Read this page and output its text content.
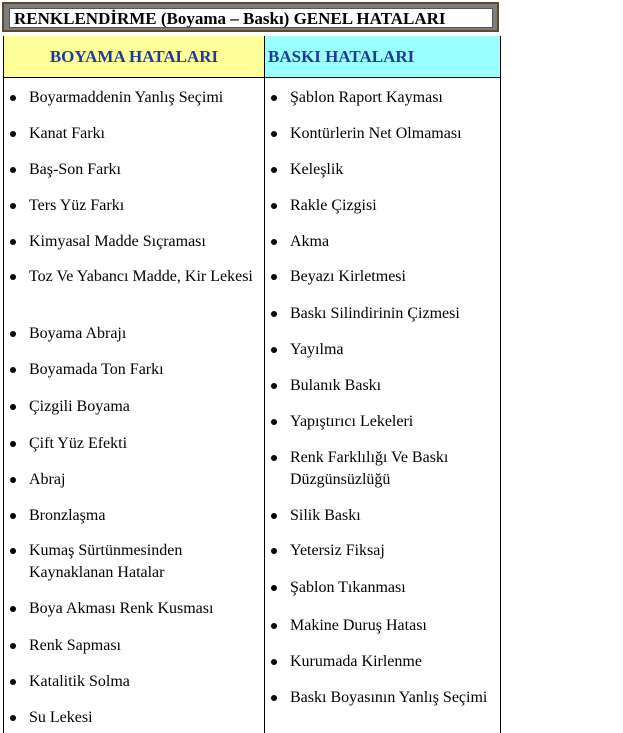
RENKLENDİRME (Boyama – Baskı) GENEL HATALARI
BOYAMA HATALARI	BASKI HATALARI
Boyarmaddenin Yanlış Seçimi
Kanat Farkı
Baş-Son Farkı
Ters Yüz Farkı
Kimyasal Madde Sıçraması
Toz Ve Yabancı Madde, Kir Lekesi
Boyama Abrajı
Boyamada Ton Farkı
Çizgili Boyama
Çift Yüz Efekti
Abraj
Bronzlaşma
Kumaş Sürtünmesinden Kaynaklanan Hatalar
Boya Akması Renk Kusması
Renk Sapması
Katalitik Solma
Su Lekesi
Şablon Raport Kayması
Kontürlerin Net Olmaması
Keleşlik
Rakle Çizgisi
Akma
Beyazı Kirletmesi
Baskı Silindirinin Çizmesi
Yayılma
Bulanık Baskı
Yapıştırıcı Lekeleri
Renk Farklılığı Ve Baskı Düzgünsüzlüğü
Silik Baskı
Yetersiz Fiksaj
Şablon Tıkanması
Makine Duruş Hatası
Kurumada Kirlenme
Baskı Boyasının Yanlış Seçimi
